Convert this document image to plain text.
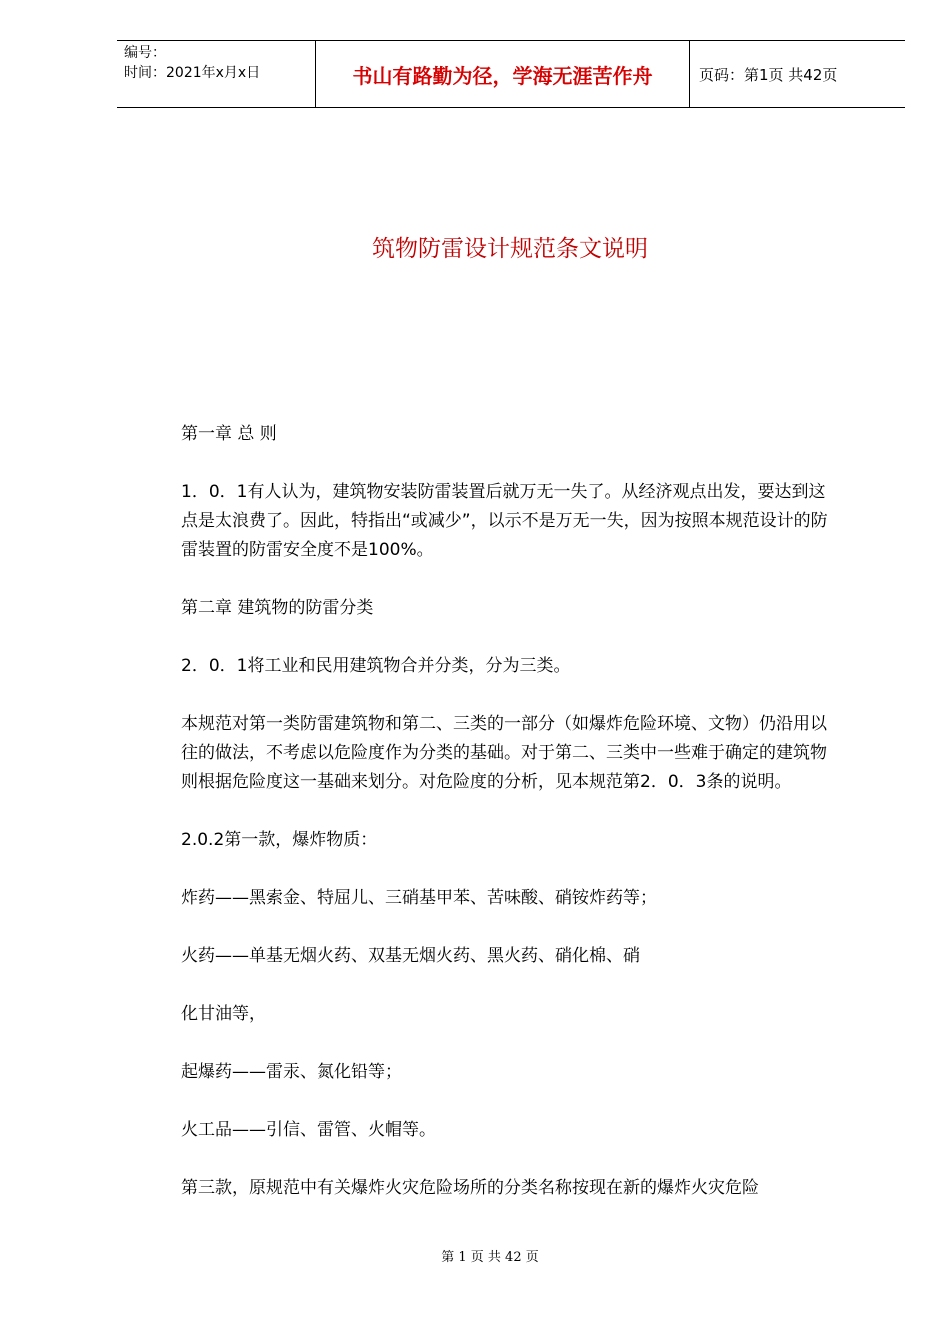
编号：
时间：2021年x月x日	书山有路勤为径，学海无涯苦作舟	页码：第1页 共42页
筑物防雷设计规范条文说明

第一章 总 则

1．0．1有人认为，建筑物安装防雷装置后就万无一失了。从经济观点出发，要达到这点是太浪费了。因此，特指出“或减少”，以示不是万无一失，因为按照本规范设计的防雷装置的防雷安全度不是100%。

第二章 建筑物的防雷分类

2．0．1将工业和民用建筑物合并分类，分为三类。

本规范对第一类防雷建筑物和第二、三类的一部分（如爆炸危险环境、文物）仍沿用以往的做法，不考虑以危险度作为分类的基础。对于第二、三类中一些难于确定的建筑物则根据危险度这一基础来划分。对危险度的分析，见本规范第2．0．3条的说明。

2.0.2第一款，爆炸物质：

炸药——黑索金、特屈儿、三硝基甲苯、苦味酸、硝铵炸药等；

火药——单基无烟火药、双基无烟火药、黑火药、硝化棉、硝

化甘油等，

起爆药——雷汞、氮化铅等；

火工品——引信、雷管、火帽等。

第三款，原规范中有关爆炸火灾危险场所的分类名称按现在新的爆炸火灾危险

第 1 页 共 42 页
